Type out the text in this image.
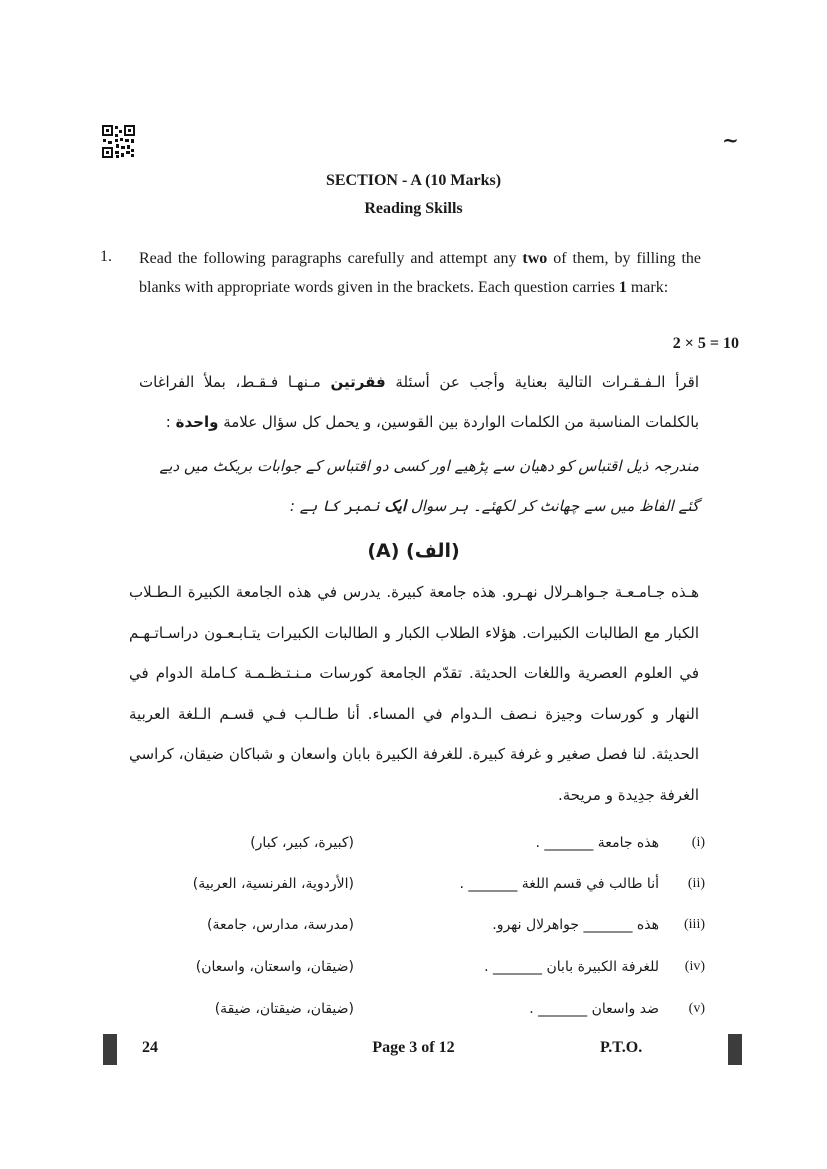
~
SECTION - A (10 Marks)
Reading Skills
1. Read the following paragraphs carefully and attempt any two of them, by filling the blanks with appropriate words given in the brackets. Each question carries 1 mark:
2 × 5 = 10
اقرأ الـفـقـرات التالية بعناية وأجب عن أسئلة فقرتين مـنهـا فـقـط، بملأ الفراغات بالكلمات المناسبة من الكلمات الواردة بين القوسين، و يحمل كل سؤال علامة واحدة :
مندرجہ ذیل اقتباس کو دھیان سے پڑھیے اور کسی دو اقتباس کے جوابات بریکٹ میں دیے گئے الفاظ میں سے چھانٹ کر لکھئے۔ ہر سوال ایک نمبر کا ہے :
(A) (الف)
هـذه جـامـعـة جـواهـرلال نهـرو. هذه جامعة كبيرة. يدرس في هذه الجامعة الكبيرة الـطـلاب الكبار مع الطالبات الكبيرات. هؤلاء الطلاب الكبار و الطالبات الكبيرات يتـابـعـون دراسـاتـهـم في العلوم العصرية واللغات الحديثة. تقدّم الجامعة كورسات مـنـتـظـمـة كـاملة الدوام في النهار و كورسات وجيزة نـصف الـدوام في المساء. أنا طـالـب فـي قسـم الـلغة العربية الحديثة. لنا فصل صغير و غرفة كبيرة. للغرفة الكبيرة بابان واسعان و شباكان ضيقان، كراسي الغرفة جدِيدة و مريحة.
(i)
هذه جامعة _______ .
(كبيرة، كبير، كبار)
(ii)
أنا طالب في قسم اللغة _______ .
(الأردوية، الفرنسية، العربية)
(iii)
هذه _______ جواهرلال نهرو.
(مدرسة، مدارس، جامعة)
(iv)
للغرفة الكبيرة بابان _______ .
(ضيقان، واسعتان، واسعان)
(v)
ضد واسعان _______ .
(ضيقان، ضيقتان، ضيقة)
24	Page 3 of 12	P.T.O.
